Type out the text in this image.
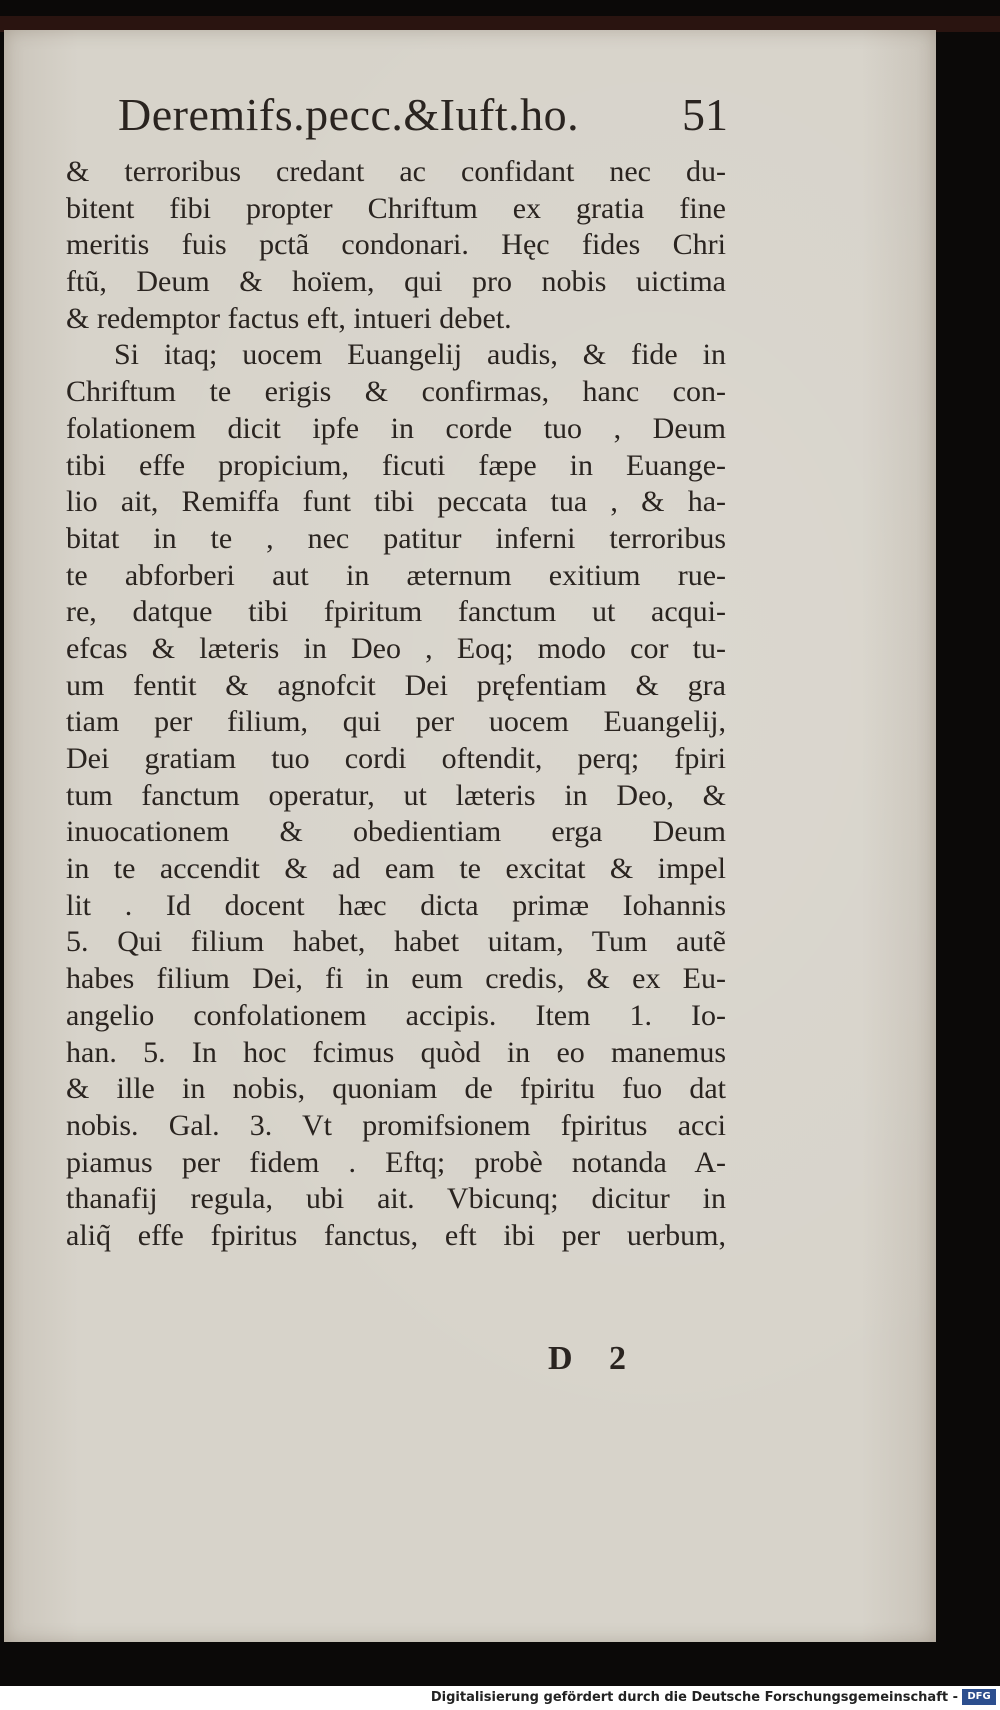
Deremifs.pecc.&Iuft.ho. 51
& terroribus credant ac confidant nec du-
bitent fibi propter Chriftum ex gratia fine
meritis fuis pctã condonari. Hęc fides Chri
ftũ, Deum & hoïem, qui pro nobis uictima
& redemptor factus eft, intueri debet.
Si itaq; uocem Euangelij audis, & fide in
Chriftum te erigis & confirmas, hanc con-
folationem dicit ipfe in corde tuo , Deum
tibi effe propicium, ficuti fæpe in Euange-
lio ait, Remiffa funt tibi peccata tua , & ha-
bitat in te , nec patitur inferni terroribus
te abforberi aut in æternum exitium rue-
re, datque tibi fpiritum fanctum ut acqui-
efcas & læteris in Deo , Eoq; modo cor tu-
um fentit & agnofcit Dei pręfentiam & gra
tiam per filium, qui per uocem Euangelij,
Dei gratiam tuo cordi oftendit, perq; fpiri
tum fanctum operatur, ut læteris in Deo, &
inuocationem & obedientiam erga Deum
in te accendit & ad eam te excitat & impel
lit . Id docent hæc dicta primæ Iohannis
5. Qui filium habet, habet uitam, Tum autẽ
habes filium Dei, fi in eum credis, & ex Eu-
angelio confolationem accipis. Item 1. Io-
han. 5. In hoc fcimus quòd in eo manemus
& ille in nobis, quoniam de fpiritu fuo dat
nobis. Gal. 3. Vt promifsionem fpiritus acci
piamus per fidem . Eftq; probè notanda A-
thanafij regula, ubi ait. Vbicunq; dicitur in
aliq̃ effe fpiritus fanctus, eft ibi per uerbum,
D 2
Digitalisierung gefördert durch die Deutsche Forschungsgemeinschaft - DFG
